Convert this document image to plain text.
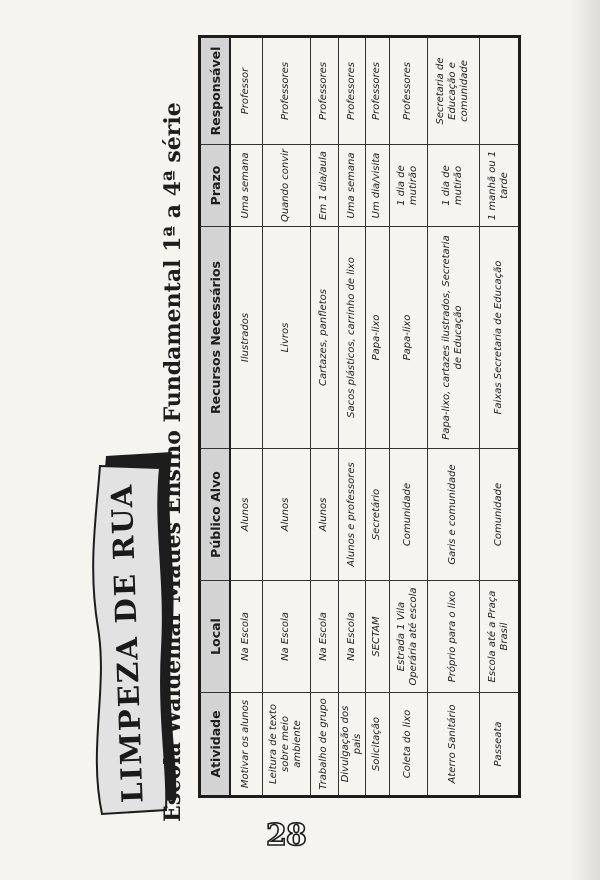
28
LIMPEZA DE RUA Escola Waldemar Maués Ensino Fundamental 1ª a 4ª série Atividade	Local	Público Alvo	Recursos Necessários	Prazo	Responsável
Motivar os alunos	Na Escola	Alunos	Ilustrados	Uma semana	Professor
Leitura de texto sobre meio ambiente	Na Escola	Alunos	Livros	Quando convir	Professores
Trabalho de grupo	Na Escola	Alunos	Cartazes, panfletos	Em 1 dia/aula	Professores
Divulgação dos pais	Na Escola	Alunos e professores	Sacos plásticos, carrinho de lixo	Uma semana	Professores
Solicitação	SECTAM	Secretário	Papa-lixo	Um dia/visita	Professores
Coleta do lixo	Estrada 1 Vila Operária até escola	Comunidade	Papa-lixo	1 dia de mutirão	Professores
Aterro Sanitário	Próprio para o lixo	Garis e comunidade	Papa-lixo, cartazes ilustrados, Secretaria de Educação	1 dia de mutirão	Secretaria de Educação e comunidade
Passeata	Escola até a Praça Brasil	Comunidade	Faixas Secretaria de Educação	1 manhã ou 1 tarde	
